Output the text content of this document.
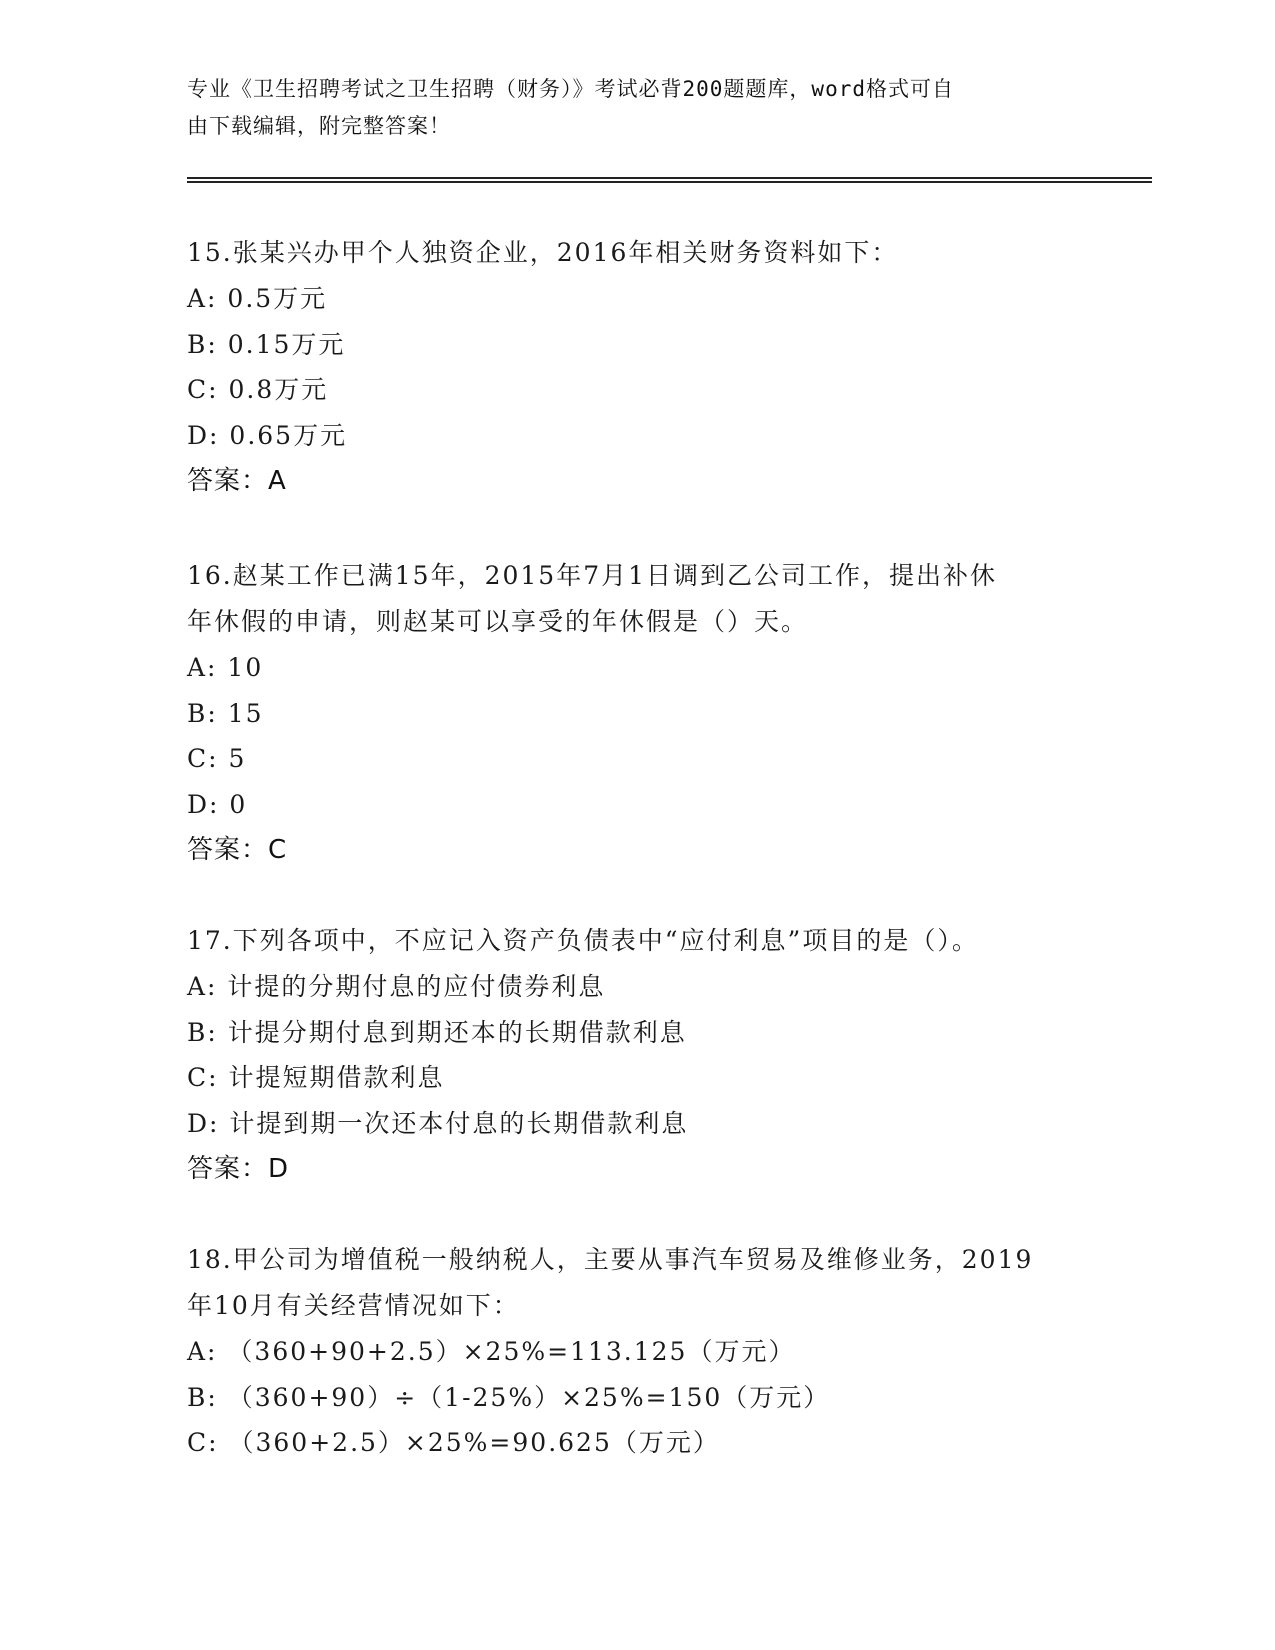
专业《卫生招聘考试之卫生招聘（财务）》考试必背200题题库，word格式可自
由下载编辑，附完整答案！
15.张某兴办甲个人独资企业，2016年相关财务资料如下：
A: 0.5万元
B: 0.15万元
C: 0.8万元
D: 0.65万元
答案：A
16.赵某工作已满15年，2015年7月1日调到乙公司工作，提出补休
年休假的申请，则赵某可以享受的年休假是（）天。
A: 10
B: 15
C: 5
D: 0
答案：C
17.下列各项中，不应记入资产负债表中“应付利息”项目的是（）。
A: 计提的分期付息的应付债券利息
B: 计提分期付息到期还本的长期借款利息
C: 计提短期借款利息
D: 计提到期一次还本付息的长期借款利息
答案：D
18.甲公司为增值税一般纳税人，主要从事汽车贸易及维修业务，2019
年10月有关经营情况如下：
A: （360+90+2.5）×25%=113.125（万元）
B: （360+90）÷（1-25%）×25%=150（万元）
C: （360+2.5）×25%=90.625（万元）
